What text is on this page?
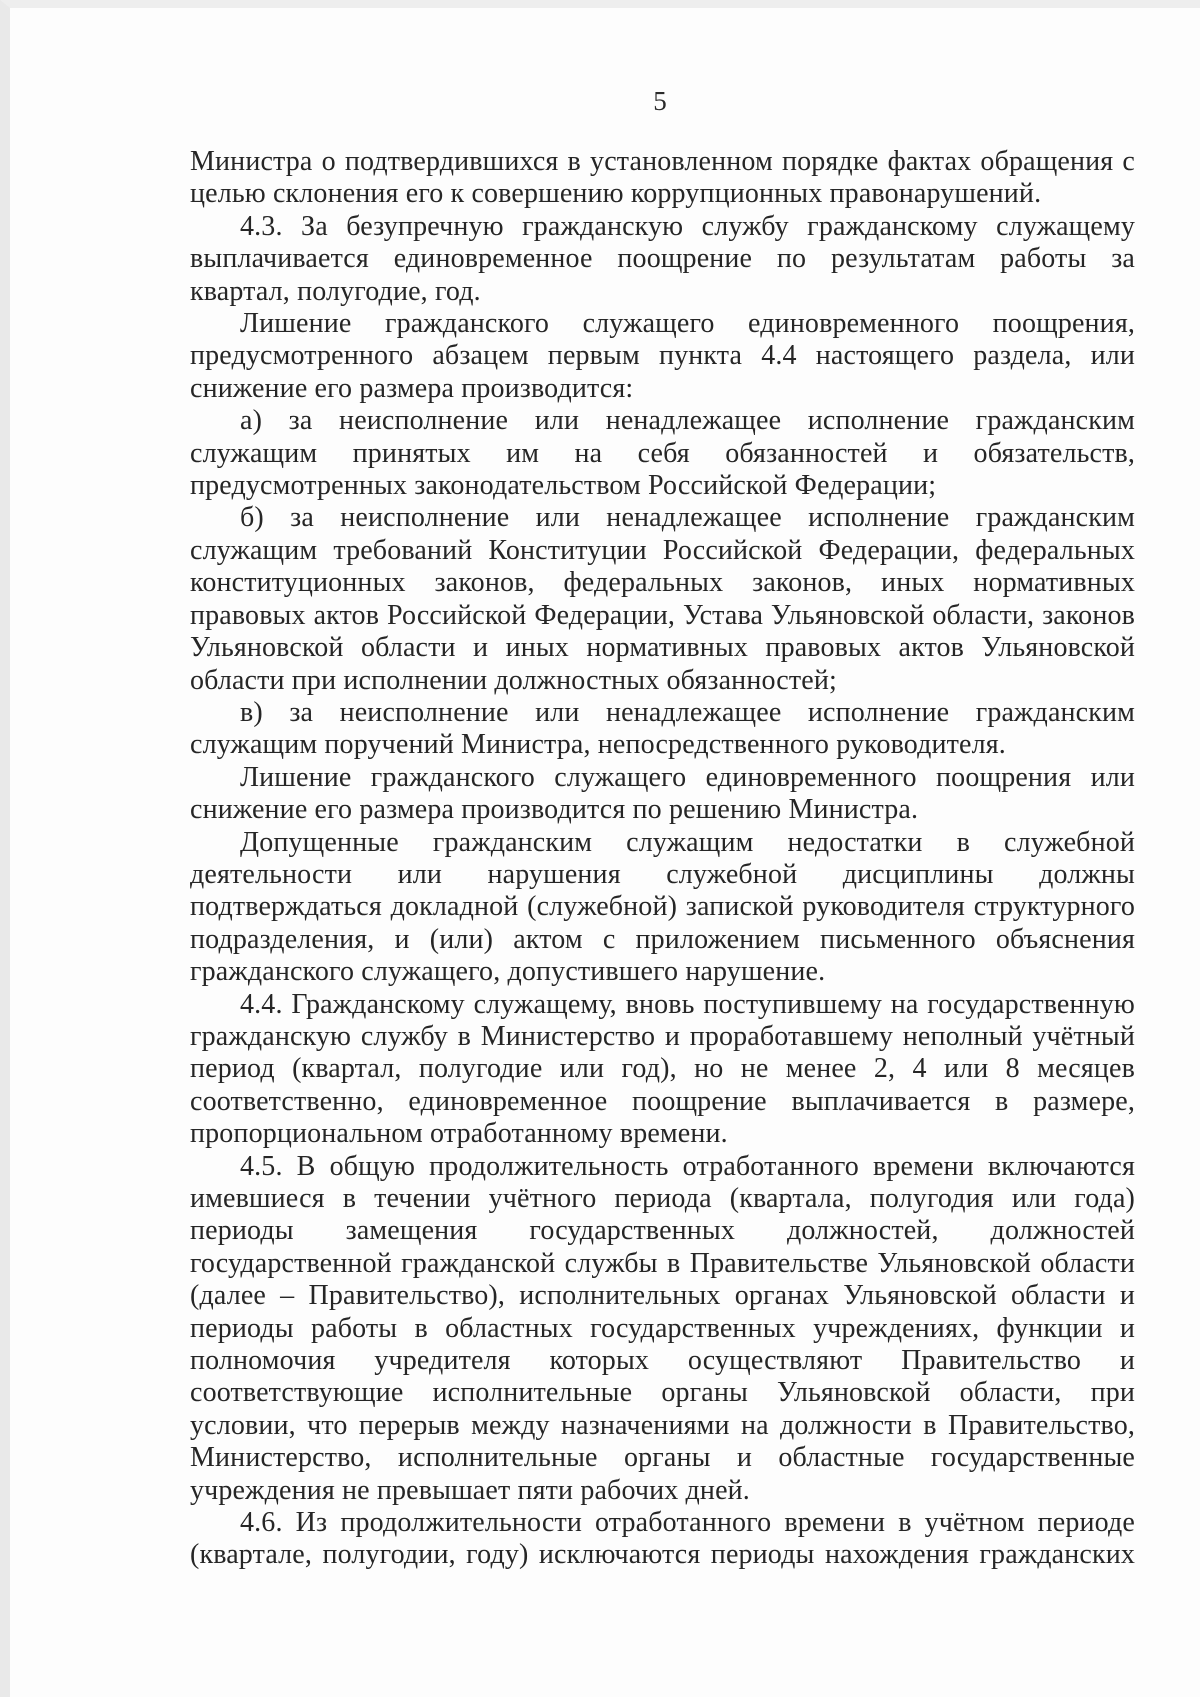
5

Министра о подтвердившихся в установленном порядке фактах обращения с целью склонения его к совершению коррупционных правонарушений.

4.3. За безупречную гражданскую службу гражданскому служащему выплачивается единовременное поощрение по результатам работы за квартал, полугодие, год.

Лишение гражданского служащего единовременного поощрения, предусмотренного абзацем первым пункта 4.4 настоящего раздела, или снижение его размера производится:

а) за неисполнение или ненадлежащее исполнение гражданским служащим принятых им на себя обязанностей и обязательств, предусмотренных законодательством Российской Федерации;

б) за неисполнение или ненадлежащее исполнение гражданским служащим требований Конституции Российской Федерации, федеральных конституционных законов, федеральных законов, иных нормативных правовых актов Российской Федерации, Устава Ульяновской области, законов Ульяновской области и иных нормативных правовых актов Ульяновской области при исполнении должностных обязанностей;

в) за неисполнение или ненадлежащее исполнение гражданским служащим поручений Министра, непосредственного руководителя.

Лишение гражданского служащего единовременного поощрения или снижение его размера производится по решению Министра.

Допущенные гражданским служащим недостатки в служебной деятельности или нарушения служебной дисциплины должны подтверждаться докладной (служебной) запиской руководителя структурного подразделения, и (или) актом с приложением письменного объяснения гражданского служащего, допустившего нарушение.

4.4. Гражданскому служащему, вновь поступившему на государственную гражданскую службу в Министерство и проработавшему неполный учётный период (квартал, полугодие или год), но не менее 2, 4 или 8 месяцев соответственно, единовременное поощрение выплачивается в размере, пропорциональном отработанному времени.

4.5. В общую продолжительность отработанного времени включаются имевшиеся в течении учётного периода (квартала, полугодия или года) периоды замещения государственных должностей, должностей государственной гражданской службы в Правительстве Ульяновской области (далее – Правительство), исполнительных органах Ульяновской области и периоды работы в областных государственных учреждениях, функции и полномочия учредителя которых осуществляют Правительство и соответствующие исполнительные органы Ульяновской области, при условии, что перерыв между назначениями на должности в Правительство, Министерство, исполнительные органы и областные государственные учреждения не превышает пяти рабочих дней.

4.6. Из продолжительности отработанного времени в учётном периоде (квартале, полугодии, году) исключаются периоды нахождения гражданских
